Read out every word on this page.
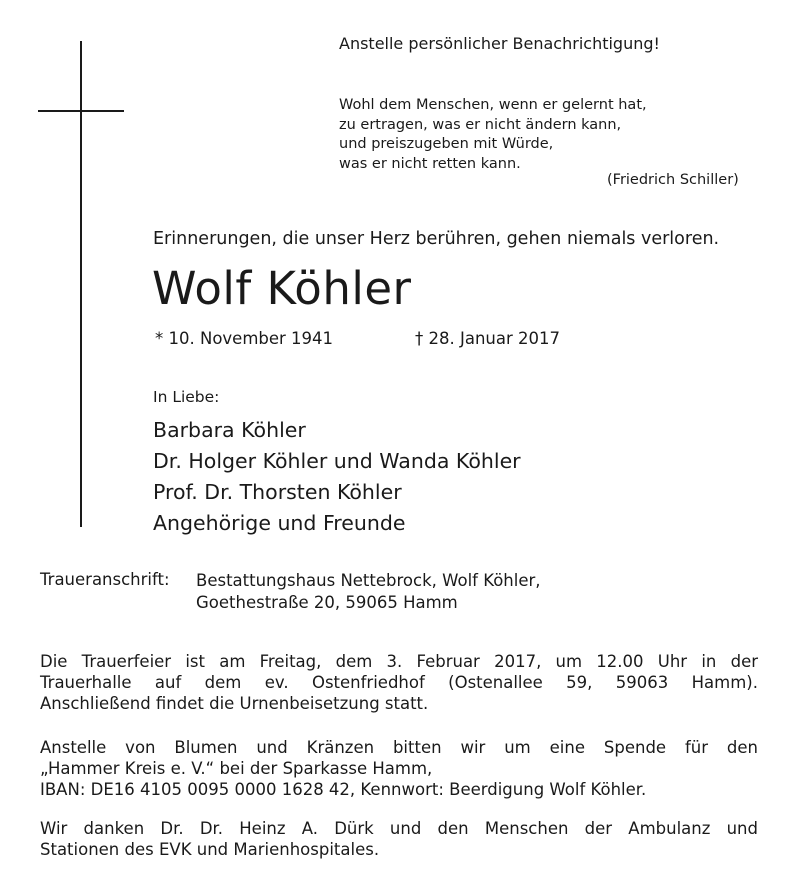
Anstelle persönlicher Benachrichtigung!
Wohl dem Menschen, wenn er gelernt hat,
zu ertragen, was er nicht ändern kann,
und preiszugeben mit Würde,
was er nicht retten kann.
(Friedrich Schiller)
Erinnerungen, die unser Herz berühren, gehen niemals verloren.
Wolf Köhler
* 10. November 1941	† 28. Januar 2017
In Liebe:
Barbara Köhler
Dr. Holger Köhler und Wanda Köhler
Prof. Dr. Thorsten Köhler
Angehörige und Freunde
Traueranschrift: Bestattungshaus Nettebrock, Wolf Köhler,
Goethestraße 20, 59065 Hamm
Die Trauerfeier ist am Freitag, dem 3. Februar 2017, um 12.00 Uhr in der
Trauerhalle auf dem ev. Ostenfriedhof (Ostenallee 59, 59063 Hamm).
Anschließend findet die Urnenbeisetzung statt.
Anstelle von Blumen und Kränzen bitten wir um eine Spende für den
„Hammer Kreis e. V.“ bei der Sparkasse Hamm,
IBAN: DE16 4105 0095 0000 1628 42, Kennwort: Beerdigung Wolf Köhler.
Wir danken Dr. Dr. Heinz A. Dürk und den Menschen der Ambulanz und
Stationen des EVK und Marienhospitales.
